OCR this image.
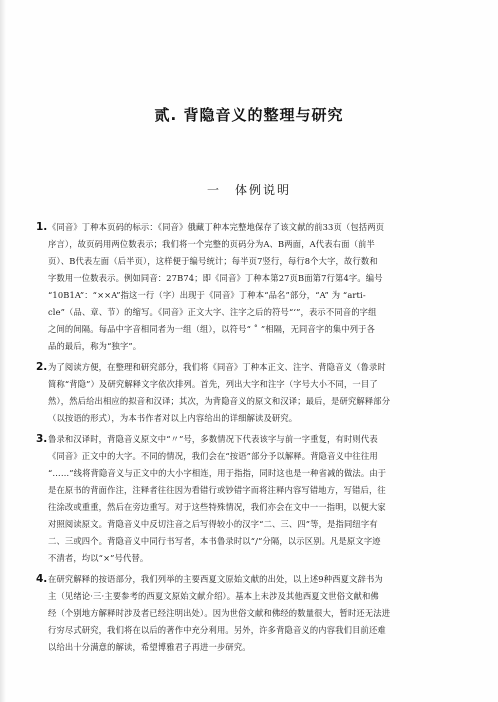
贰. 背隐音义的整理与研究
一　体例说明
1. 《同音》丁种本页码的标示：《同音》俄藏丁种本完整地保存了该文献的前33页（包括两页
序言），故页码用两位数表示；我们将一个完整的页码分为A、B两面，A代表右面（前半
页）、B代表左面（后半页），这样便于编号统计；每半页7竖行，每行8个大字，故行数和
字数用一位数表示。例如同音：27B74；即《同音》丁种本第27页B面第7行第4字。编号
“10B1A”：“××A”指这一行（字）出现于《同音》丁种本“品名”部分，“A” 为 “arti-
cle”（品、章、节）的缩写。《同音》正文大字、注字之后的符号“‘”，表示不同音的字组
之间的间隔。每品中字音相同者为一组（组），以符号“ ˚ ”相隔，无同音字的集中列于各
品的最后，称为“独字”。
2. 为了阅读方便，在整理和研究部分，我们将《同音》丁种本正文、注字、背隐音义（鲁录时
简称“背隐”）及研究解释文字依次排列。首先，列出大字和注字（字号大小不同，一目了
然），然后给出相应的拟音和汉译；其次，为背隐音义的原文和汉译；最后，是研究解释部分
（以按语的形式），为本书作者对以上内容给出的详细解读及研究。
3. 鲁录和汉译时，背隐音义原文中“〃”号，多数情况下代表该字与前一字重复，有时则代表
《同音》正文中的大字。不同的情况，我们会在“按语”部分予以解释。背隐音义中往往用
“……”线将背隐音义与正文中的大小字相连，用于指指，同时这也是一种省减的做法。由于
是在原书的背面作注，注释者往往因为看错行或钞错字而将注释内容写错地方，写错后，往
往涂改或重重，然后在旁边重写。对于这些特殊情况，我们亦会在文中一一指明，以便大家
对照阅读原文。背隐音义中反切注音之后写得较小的汉字“二、三、四”等，是指同纽字有
二、三或四个。背隐音义中同行书写者，本书鲁录时以“/”分隔，以示区别。凡是原文字迹
不清者，均以“×”号代替。
4. 在研究解释的按语部分，我们列举的主要西夏文原始文献的出处，以上述9种西夏文辞书为
主（见绪论·三·主要参考的西夏文原始文献介绍）。基本上未涉及其他西夏文世俗文献和佛
经（个别地方解释时涉及者已经注明出处）。因为世俗文献和佛经的数量很大，暂时还无法进
行穷尽式研究，我们将在以后的著作中充分利用。另外，许多背隐音义的内容我们目前还难
以给出十分满意的解读，希望博雅君子再进一步研究。
